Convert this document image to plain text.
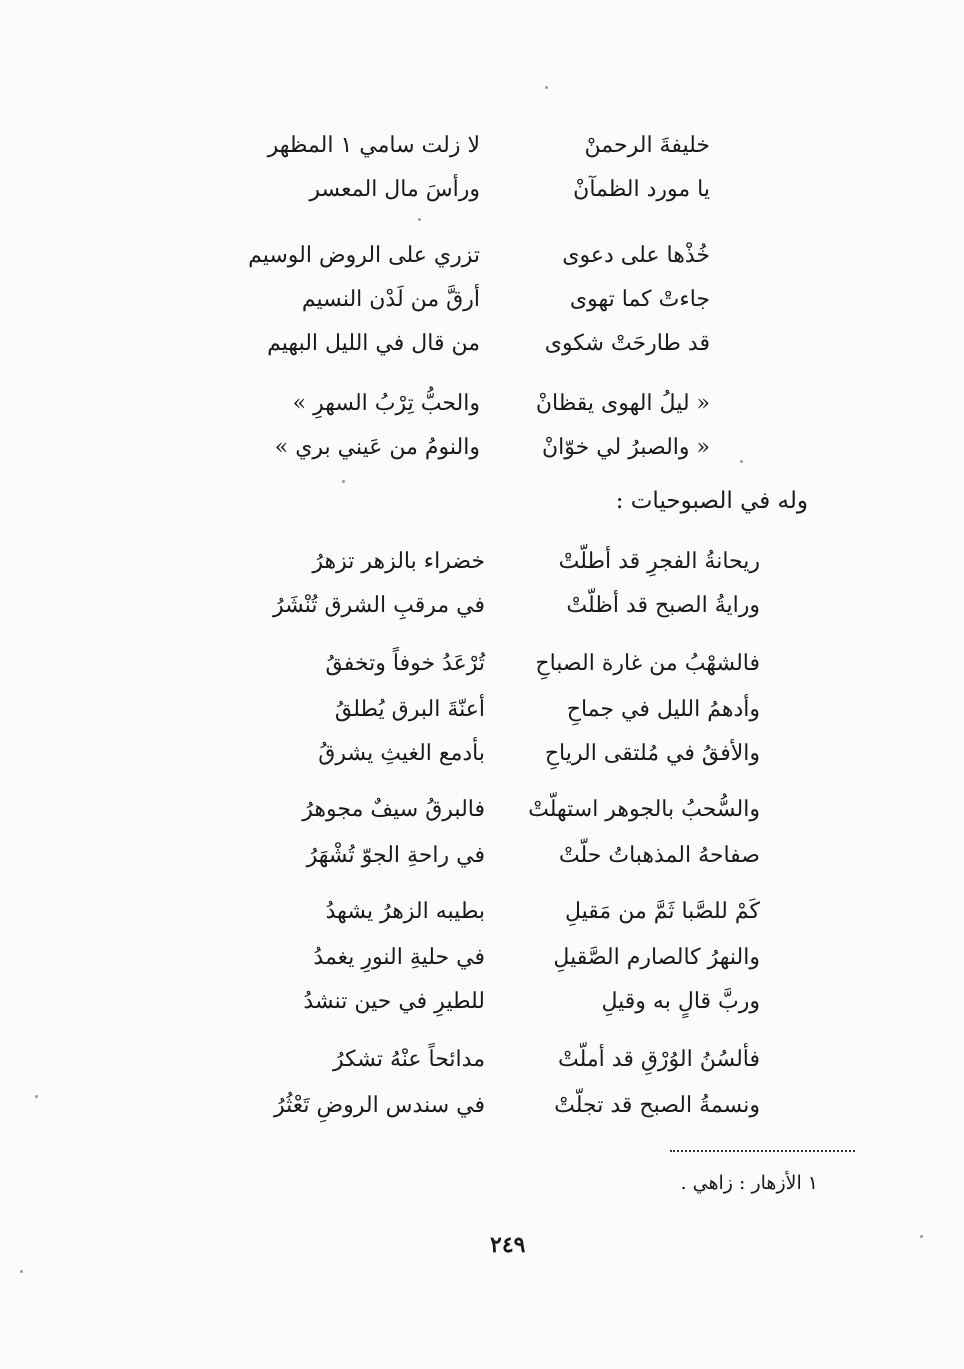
خليفةَ الرحمنْ
لا زلت سامي ١ المظهر
يا مورد الظمآنْ
ورأسَ مال المعسر
خُذْها على دعوى
تزري على الروض الوسيم
جاءتْ كما تهوى
أرقَّ من لَدْن النسيم
قد طارحَتْ شكوى
من قال في الليل البهيم
« ليلُ الهوى يقظانْ
والحبُّ تِرْبُ السهرِ »
« والصبرُ لي خوّانْ
والنومُ من عَيني بري »
وله في الصبوحيات :
ريحانةُ الفجرِ قد أطلّتْ
خضراء بالزهر تزهرُ
ورايةُ الصبح قد أظلّتْ
في مرقبِ الشرق تُنْشَرُ
فالشهْبُ من غارة الصباحِ
تُرْعَدُ خوفاً وتخفقُ
وأدهمُ الليل في جماحِ
أعنّةَ البرق يُطلقُ
والأفقُ في مُلتقى الرياحِ
بأدمع الغيثِ يشرقُ
والسُّحبُ بالجوهر استهلّتْ
فالبرقُ سيفٌ مجوهرُ
صفاحهُ المذهباتُ حلّتْ
في راحةِ الجوّ تُشْهَرُ
كَمْ للصَّبا ثَمَّ من مَقيلِ
بطيبه الزهرُ يشهدُ
والنهرُ كالصارم الصَّقيلِ
في حليةِ النورِ يغمدُ
وربَّ قالٍ به وقيلِ
للطيرِ في حين تنشدُ
فألسُنُ الوُرْقِ قد أملّتْ
مدائحاً عنْهُ تشكرُ
ونسمةُ الصبح قد تجلّتْ
في سندس الروضِ تَعْثُرُ
١ الأزهار : زاهي .
٢٤٩
